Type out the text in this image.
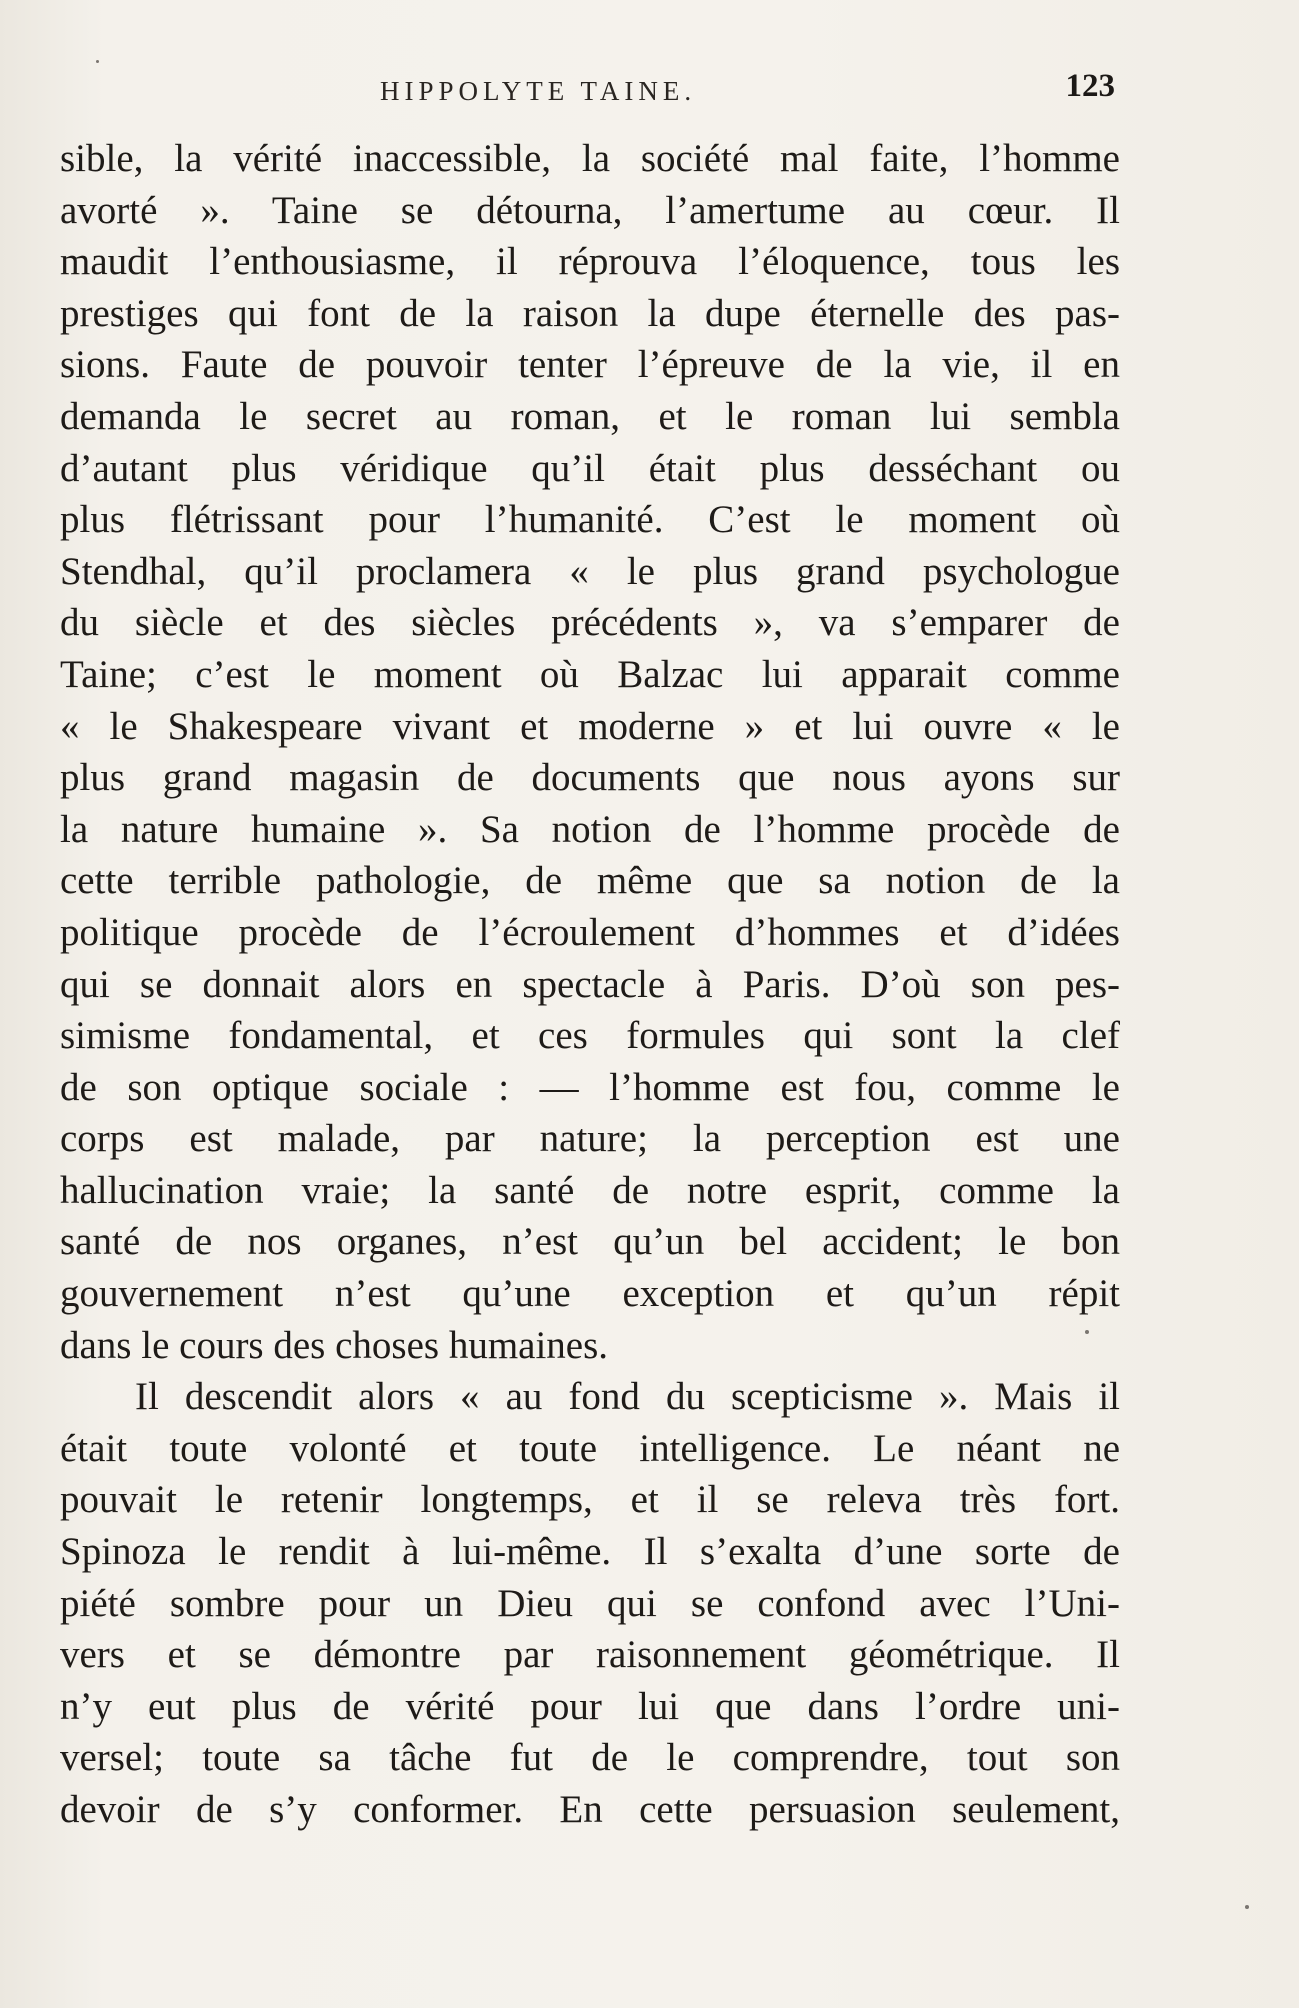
HIPPOLYTE TAINE.	123
sible, la vérité inaccessible, la société mal faite, l’homme
avorté ». Taine se détourna, l’amertume au cœur. Il
maudit l’enthousiasme, il réprouva l’éloquence, tous les
prestiges qui font de la raison la dupe éternelle des pas-
sions. Faute de pouvoir tenter l’épreuve de la vie, il en
demanda le secret au roman, et le roman lui sembla
d’autant plus véridique qu’il était plus desséchant ou
plus flétrissant pour l’humanité. C’est le moment où
Stendhal, qu’il proclamera « le plus grand psychologue
du siècle et des siècles précédents », va s’emparer de
Taine; c’est le moment où Balzac lui apparait comme
« le Shakespeare vivant et moderne » et lui ouvre « le
plus grand magasin de documents que nous ayons sur
la nature humaine ». Sa notion de l’homme procède de
cette terrible pathologie, de même que sa notion de la
politique procède de l’écroulement d’hommes et d’idées
qui se donnait alors en spectacle à Paris. D’où son pes-
simisme fondamental, et ces formules qui sont la clef
de son optique sociale : — l’homme est fou, comme le
corps est malade, par nature; la perception est une
hallucination vraie; la santé de notre esprit, comme la
santé de nos organes, n’est qu’un bel accident; le bon
gouvernement n’est qu’une exception et qu’un répit
dans le cours des choses humaines.
Il descendit alors « au fond du scepticisme ». Mais il
était toute volonté et toute intelligence. Le néant ne
pouvait le retenir longtemps, et il se releva très fort.
Spinoza le rendit à lui-même. Il s’exalta d’une sorte de
piété sombre pour un Dieu qui se confond avec l’Uni-
vers et se démontre par raisonnement géométrique. Il
n’y eut plus de vérité pour lui que dans l’ordre uni-
versel; toute sa tâche fut de le comprendre, tout son
devoir de s’y conformer. En cette persuasion seulement,
